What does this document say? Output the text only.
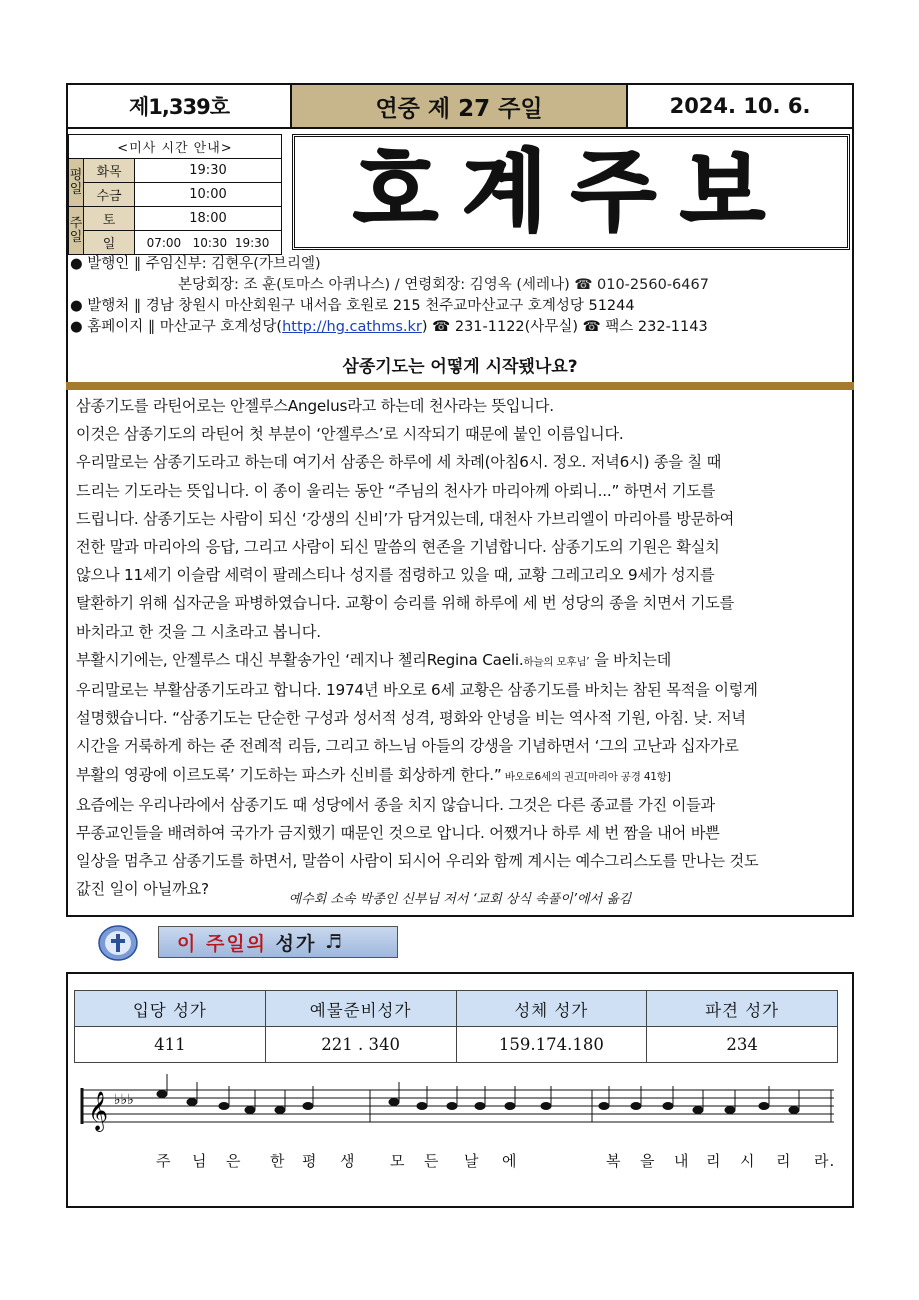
제1,339호	연중 제 27 주일	2024. 10. 6.
<미사 시간 안내>		
평일	화목	19:30
	수금	10:00
주일	토	18:00
	일	07:00   10:30  19:30 호계주보
● 발행인 ∥ 주임신부: 김현우(가브리엘)
본당회장: 조 훈(토마스 아퀴나스) / 연령회장: 김영옥 (세레나) ☎ 010-2560-6467
● 발행처 ∥ 경남 창원시 마산회원구 내서읍 호원로 215 천주교마산교구 호계성당 51244
● 홈페이지 ∥ 마산교구 호계성당(http://hg.cathms.kr) ☎ 231-1122(사무실) ☎ 팩스 232-1143
삼종기도는 어떻게 시작됐나요?
삼종기도를 라틴어로는 안젤루스Angelus라고 하는데 천사라는 뜻입니다.
이것은 삼종기도의 라틴어 첫 부분이 ‘안젤루스’로 시작되기 때문에 붙인 이름입니다.
우리말로는 삼종기도라고 하는데 여기서 삼종은 하루에 세 차례(아침6시. 정오. 저녁6시) 종을 칠 때
드리는 기도라는 뜻입니다. 이 종이 울리는 동안 “주님의 천사가 마리아께 아뢰니...” 하면서 기도를
드립니다. 삼종기도는 사람이 되신 ‘강생의 신비’가 담겨있는데, 대천사 가브리엘이 마리아를 방문하여
전한 말과 마리아의 응답, 그리고 사람이 되신 말씀의 현존을 기념합니다. 삼종기도의 기원은 확실치
않으나 11세기 이슬람 세력이 팔레스티나 성지를 점령하고 있을 때, 교황 그레고리오 9세가 성지를
탈환하기 위해 십자군을 파병하였습니다. 교황이 승리를 위해 하루에 세 번 성당의 종을 치면서 기도를
바치라고 한 것을 그 시초라고 봅니다.
부활시기에는, 안젤루스 대신 부활송가인 ‘레지나 첼리Regina Caeli.하늘의 모후님’ 을 바치는데
우리말로는 부활삼종기도라고 합니다. 1974년 바오로 6세 교황은 삼종기도를 바치는 참된 목적을 이렇게
설명했습니다. “삼종기도는 단순한 구성과 성서적 성격, 평화와 안녕을 비는 역사적 기원, 아침. 낮. 저녁
시간을 거룩하게 하는 준 전례적 리듬, 그리고 하느님 아들의 강생을 기념하면서 ‘그의 고난과 십자가로
부활의 영광에 이르도록’ 기도하는 파스카 신비를 회상하게 한다.” 바오로6세의 권고[마리아 공경 41항]
요즘에는 우리나라에서 삼종기도 때 성당에서 종을 치지 않습니다. 그것은 다른 종교를 가진 이들과
무종교인들을 배려하여 국가가 금지했기 때문인 것으로 압니다. 어쨌거나 하루 세 번 짬을 내어 바쁜
일상을 멈추고 삼종기도를 하면서, 말씀이 사람이 되시어 우리와 함께 계시는 예수그리스도를 만나는 것도
값진 일이 아닐까요?
예수회 소속 박종인 신부님 저서 ‘교회 상식 속풀이’에서 옮김
이 주일의
성가
♬
입당 성가	예물준비성가	성체 성가	파견 성가
411	221 . 340	159.174.180	234
𝄞 ♭♭♭
주 님 은 한 평 생 모 든 날 에	복 을 내 리 시 리 라.
